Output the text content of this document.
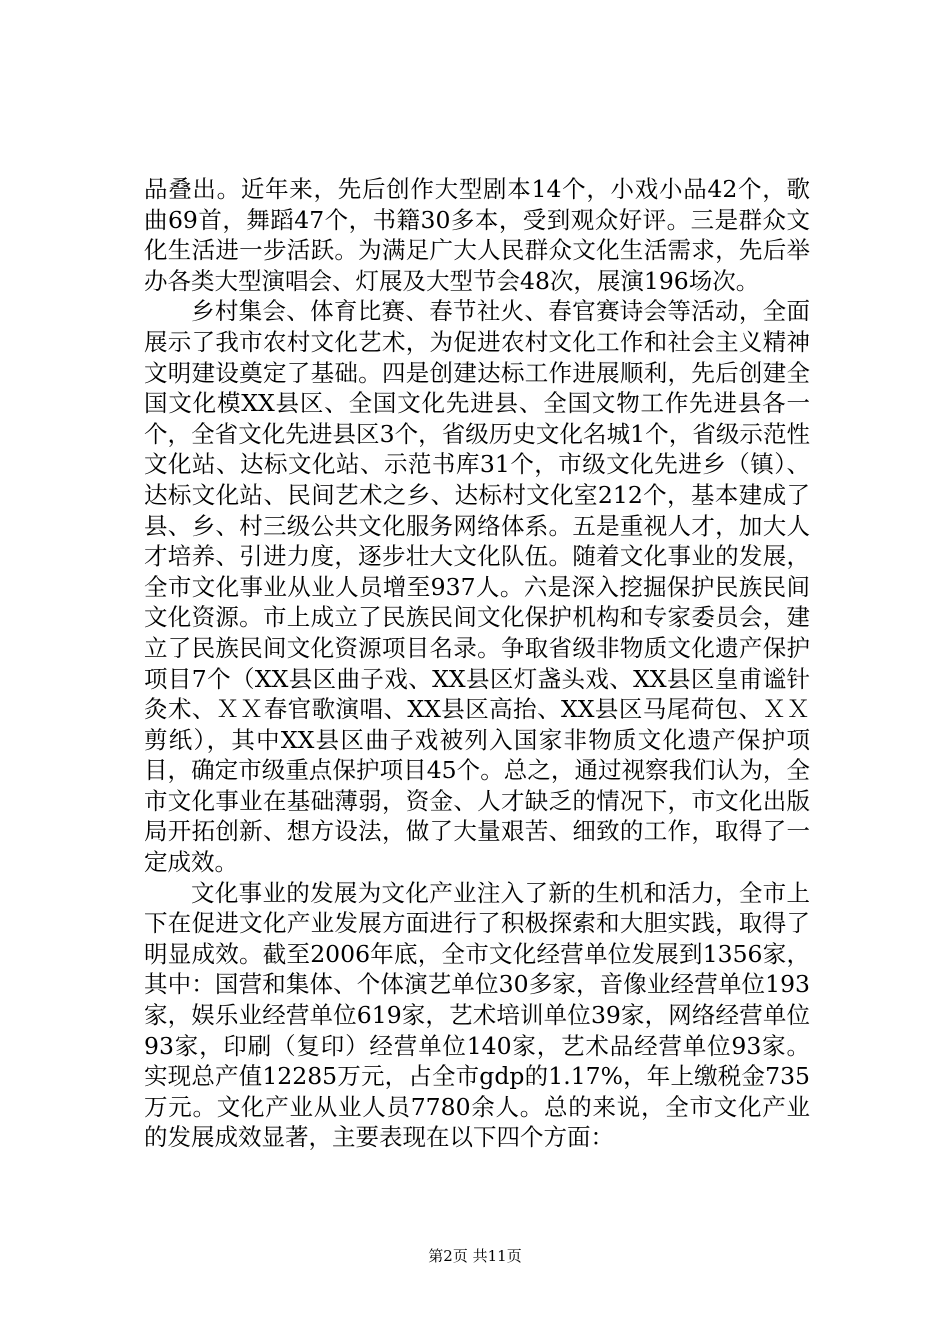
品叠出。近年来，先后创作大型剧本14个，小戏小品42个，歌曲69首，舞蹈47个，书籍30多本，受到观众好评。三是群众文化生活进一步活跃。为满足广大人民群众文化生活需求，先后举办各类大型演唱会、灯展及大型节会48次，展演196场次。

乡村集会、体育比赛、春节社火、春官赛诗会等活动，全面展示了我市农村文化艺术，为促进农村文化工作和社会主义精神文明建设奠定了基础。四是创建达标工作进展顺利，先后创建全国文化模XX县区、全国文化先进县、全国文物工作先进县各一个，全省文化先进县区3个，省级历史文化名城1个，省级示范性文化站、达标文化站、示范书库31个，市级文化先进乡（镇）、达标文化站、民间艺术之乡、达标村文化室212个，基本建成了县、乡、村三级公共文化服务网络体系。五是重视人才，加大人才培养、引进力度，逐步壮大文化队伍。随着文化事业的发展，全市文化事业从业人员增至937人。六是深入挖掘保护民族民间文化资源。市上成立了民族民间文化保护机构和专家委员会，建立了民族民间文化资源项目名录。争取省级非物质文化遗产保护项目7个（XX县区曲子戏、XX县区灯盏头戏、XX县区皇甫谧针灸术、ＸＸ春官歌演唱、XX县区高抬、XX县区马尾荷包、ＸＸ剪纸），其中XX县区曲子戏被列入国家非物质文化遗产保护项目，确定市级重点保护项目45个。总之，通过视察我们认为，全市文化事业在基础薄弱，资金、人才缺乏的情况下，市文化出版局开拓创新、想方设法，做了大量艰苦、细致的工作，取得了一定成效。

文化事业的发展为文化产业注入了新的生机和活力，全市上下在促进文化产业发展方面进行了积极探索和大胆实践，取得了明显成效。截至2006年底，全市文化经营单位发展到1356家，其中：国营和集体、个体演艺单位30多家，音像业经营单位193家，娱乐业经营单位619家，艺术培训单位39家，网络经营单位93家，印刷（复印）经营单位140家，艺术品经营单位93家。实现总产值12285万元，占全市gdp的1.17%，年上缴税金735万元。文化产业从业人员7780余人。总的来说，全市文化产业的发展成效显著，主要表现在以下四个方面：

第2页 共11页
